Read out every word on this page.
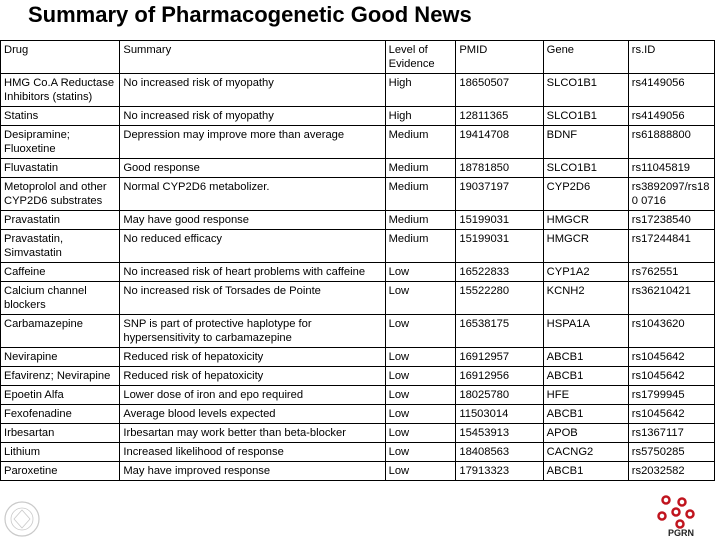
Summary of Pharmacogenetic Good News
Drug	Summary	Level of Evidence	PMID	Gene	rs.ID
HMG Co.A Reductase Inhibitors (statins)	No increased risk of myopathy	High	18650507	SLCO1B1	rs4149056
Statins	No increased risk of myopathy	High	12811365	SLCO1B1	rs4149056
Desipramine; Fluoxetine	Depression may improve more than average	Medium	19414708	BDNF	rs61888800
Fluvastatin	Good response	Medium	18781850	SLCO1B1	rs11045819
Metoprolol and other CYP2D6 substrates	Normal CYP2D6 metabolizer.	Medium	19037197	CYP2D6	rs3892097/rs180 0716
Pravastatin	May have good response	Medium	15199031	HMGCR	rs17238540
Pravastatin, Simvastatin	No reduced efficacy	Medium	15199031	HMGCR	rs17244841
Caffeine	No increased risk of heart problems with caffeine	Low	16522833	CYP1A2	rs762551
Calcium channel blockers	No increased risk of Torsades de Pointe	Low	15522280	KCNH2	rs36210421
Carbamazepine	SNP is part of protective haplotype for hypersensitivity to carbamazepine	Low	16538175	HSPA1A	rs1043620
Nevirapine	Reduced risk of hepatoxicity	Low	16912957	ABCB1	rs1045642
Efavirenz; Nevirapine	Reduced risk of hepatoxicity	Low	16912956	ABCB1	rs1045642
Epoetin Alfa	Lower dose of iron and epo required	Low	18025780	HFE	rs1799945
Fexofenadine	Average blood levels expected	Low	11503014	ABCB1	rs1045642
Irbesartan	Irbesartan may work better than beta-blocker	Low	15453913	APOB	rs1367117
Lithium	Increased likelihood of response	Low	18408563	CACNG2	rs5750285
Paroxetine	May have improved response	Low	17913323	ABCB1	rs2032582
PGRN
